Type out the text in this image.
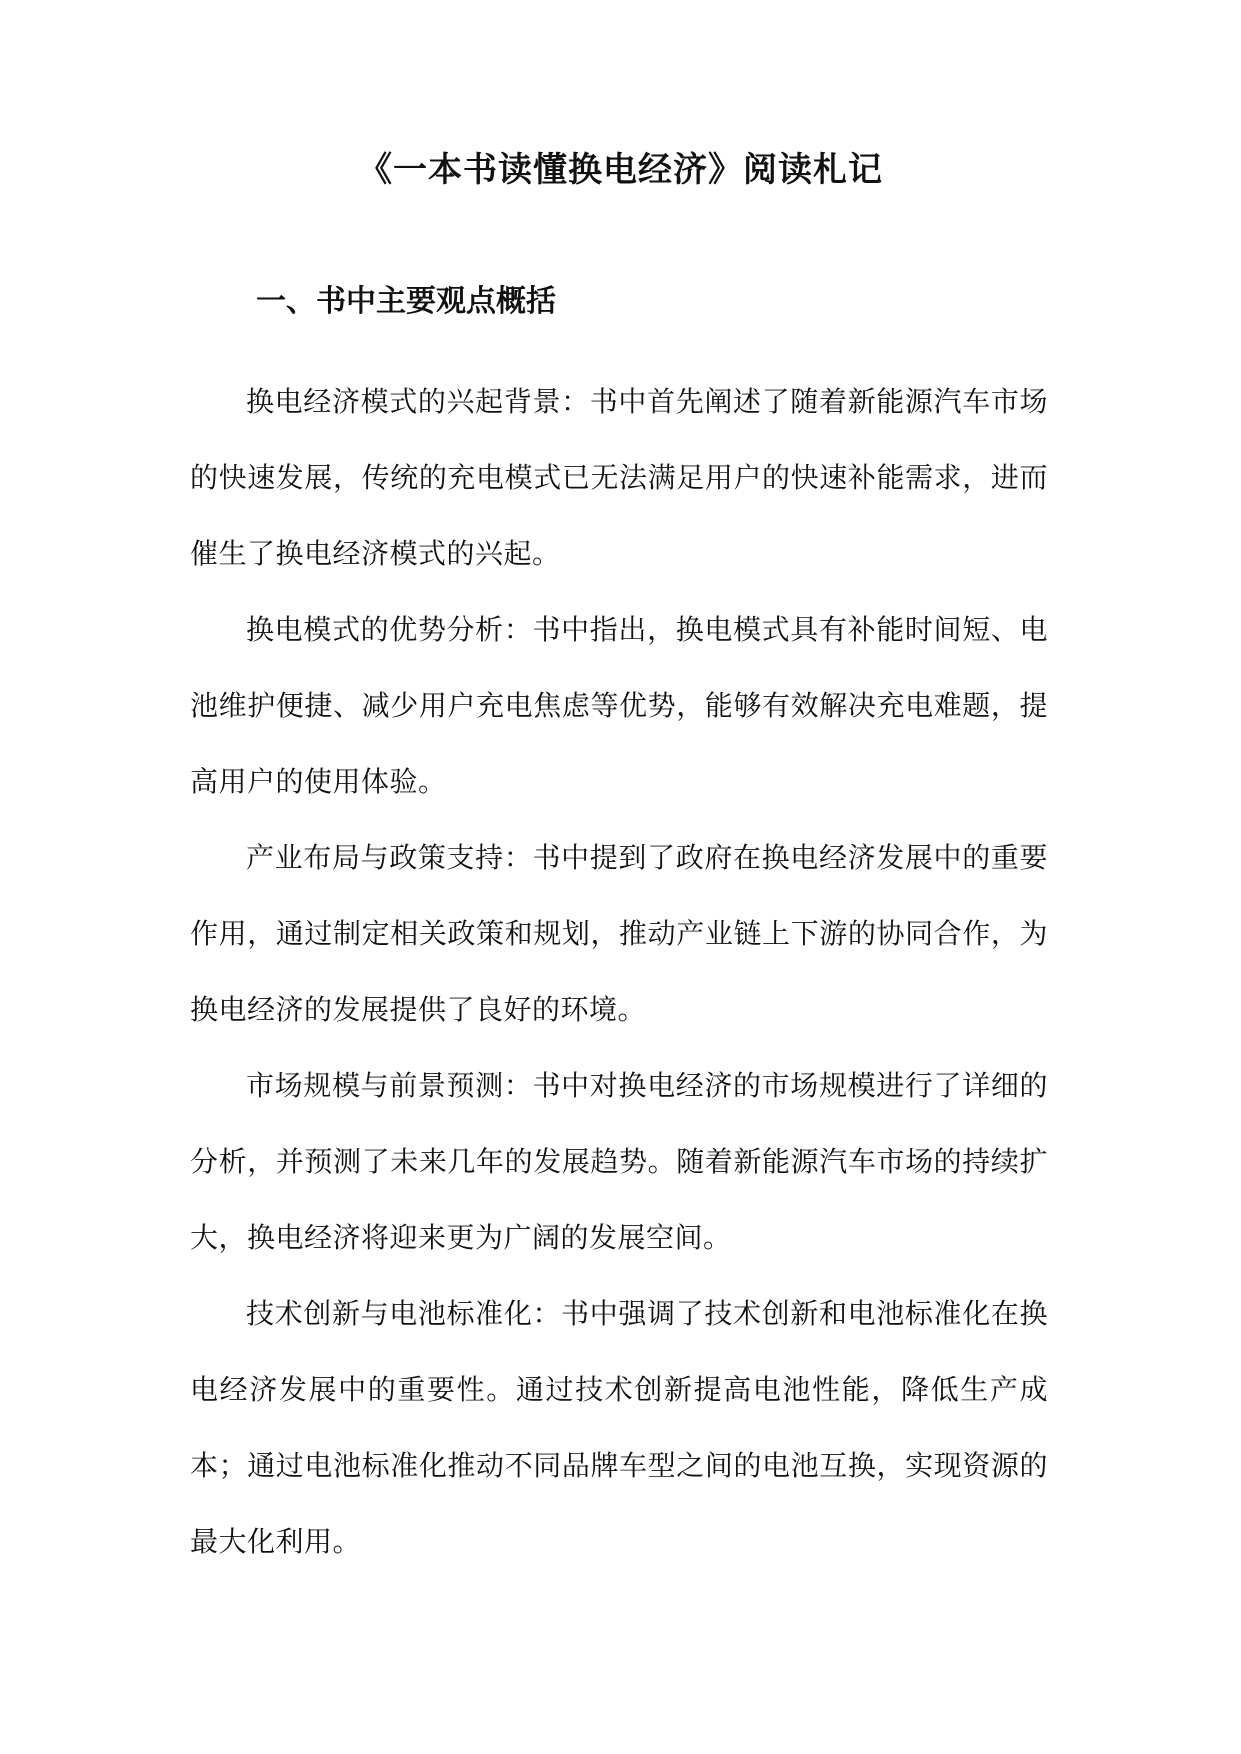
《一本书读懂换电经济》阅读札记
一、书中主要观点概括

换电经济模式的兴起背景：书中首先阐述了随着新能源汽车市场的快速发展，传统的充电模式已无法满足用户的快速补能需求，进而催生了换电经济模式的兴起。

换电模式的优势分析：书中指出，换电模式具有补能时间短、电池维护便捷、减少用户充电焦虑等优势，能够有效解决充电难题，提高用户的使用体验。

产业布局与政策支持：书中提到了政府在换电经济发展中的重要作用，通过制定相关政策和规划，推动产业链上下游的协同合作，为换电经济的发展提供了良好的环境。

市场规模与前景预测：书中对换电经济的市场规模进行了详细的分析，并预测了未来几年的发展趋势。随着新能源汽车市场的持续扩大，换电经济将迎来更为广阔的发展空间。

技术创新与电池标准化：书中强调了技术创新和电池标准化在换电经济发展中的重要性。通过技术创新提高电池性能，降低生产成本；通过电池标准化推动不同品牌车型之间的电池互换，实现资源的最大化利用。
